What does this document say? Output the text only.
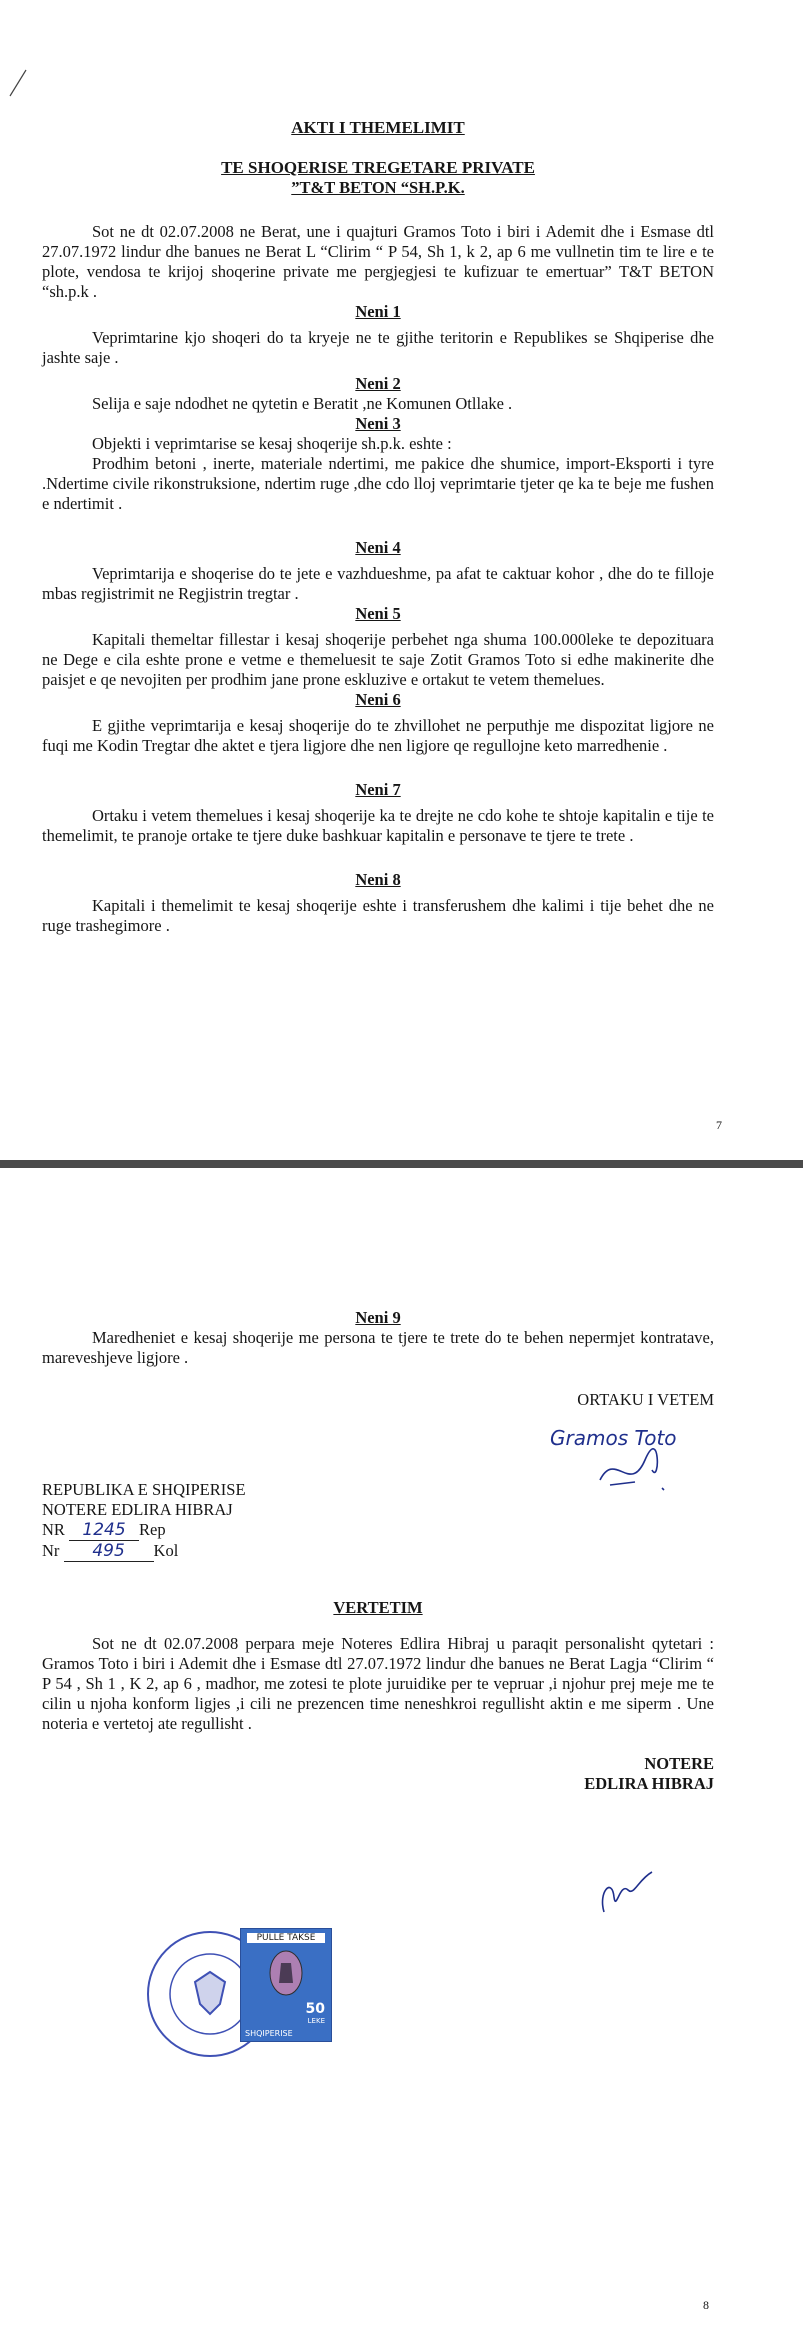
AKTI I THEMELIMIT
TE SHOQERISE TREGETARE PRIVATE
”T&T BETON “SH.P.K.

Sot ne dt 02.07.2008 ne Berat, une i quajturi Gramos Toto i biri i Ademit dhe i Esmase dtl 27.07.1972 lindur dhe banues ne Berat L “Clirim “ P 54, Sh 1, k 2, ap 6 me vullnetin tim te lire e te plote, vendosa te krijoj shoqerine private me pergjegjesi te kufizuar te emertuar” T&T BETON “sh.p.k .

Neni 1

Veprimtarine kjo shoqeri do ta kryeje ne te gjithe teritorin e Republikes se Shqiperise dhe jashte saje .

Neni 2

Selija e saje ndodhet ne qytetin e Beratit ,ne Komunen Otllake .

Neni 3

Objekti i veprimtarise se kesaj shoqerije sh.p.k. eshte :

Prodhim betoni , inerte, materiale ndertimi, me pakice dhe shumice, import-Eksporti i tyre .Ndertime civile rikonstruksione, ndertim ruge ,dhe cdo lloj veprimtarie tjeter qe ka te beje me fushen e ndertimit .

Neni 4

Veprimtarija e shoqerise do te jete e vazhdueshme, pa afat te caktuar kohor , dhe do te filloje mbas regjistrimit ne Regjistrin tregtar .

Neni 5

Kapitali themeltar fillestar i kesaj shoqerije perbehet nga shuma 100.000leke te depozituara ne Dege e cila eshte prone e vetme e themeluesit te saje Zotit Gramos Toto si edhe makinerite dhe paisjet e qe nevojiten per prodhim jane prone eskluzive e ortakut te vetem themelues.

Neni 6

E gjithe veprimtarija e kesaj shoqerije do te zhvillohet ne perputhje me dispozitat ligjore ne fuqi me Kodin Tregtar dhe aktet e tjera ligjore dhe nen ligjore qe regullojne keto marredhenie .

Neni 7

Ortaku i vetem themelues i kesaj shoqerije ka te drejte ne cdo kohe te shtoje kapitalin e tije te themelimit, te pranoje ortake te tjere duke bashkuar kapitalin e personave te tjere te trete .

Neni 8

Kapitali i themelimit te kesaj shoqerije eshte i transferushem dhe kalimi i tije behet dhe ne ruge trashegimore .

7
Neni 9

Maredheniet e kesaj shoqerije me persona te tjere te trete do te behen nepermjet kontratave, mareveshjeve ligjore .

ORTAKU I VETEM
Gramos Toto
REPUBLIKA E SHQIPERISE
NOTERE EDLIRA HIBRAJ
NR 1245 Rep
Nr 495 Kol
VERTETIM

Sot ne dt 02.07.2008 perpara meje Noteres Edlira Hibraj u paraqit personalisht qytetari : Gramos Toto i biri i Ademit dhe i Esmase dtl 27.07.1972 lindur dhe banues ne Berat Lagja “Clirim “ P 54 , Sh 1 , K 2, ap 6 , madhor, me zotesi te plote juruidike per te vepruar ,i njohur prej meje me te cilin u njoha konform ligjes ,i cili ne prezencen time neneshkroi regullisht aktin e me siperm . Une noteria e vertetoj ate regullisht .

NOTERE
EDLIRA HIBRAJ
PULLE TAKSE
50
LEKE
SHQIPERISE
8
